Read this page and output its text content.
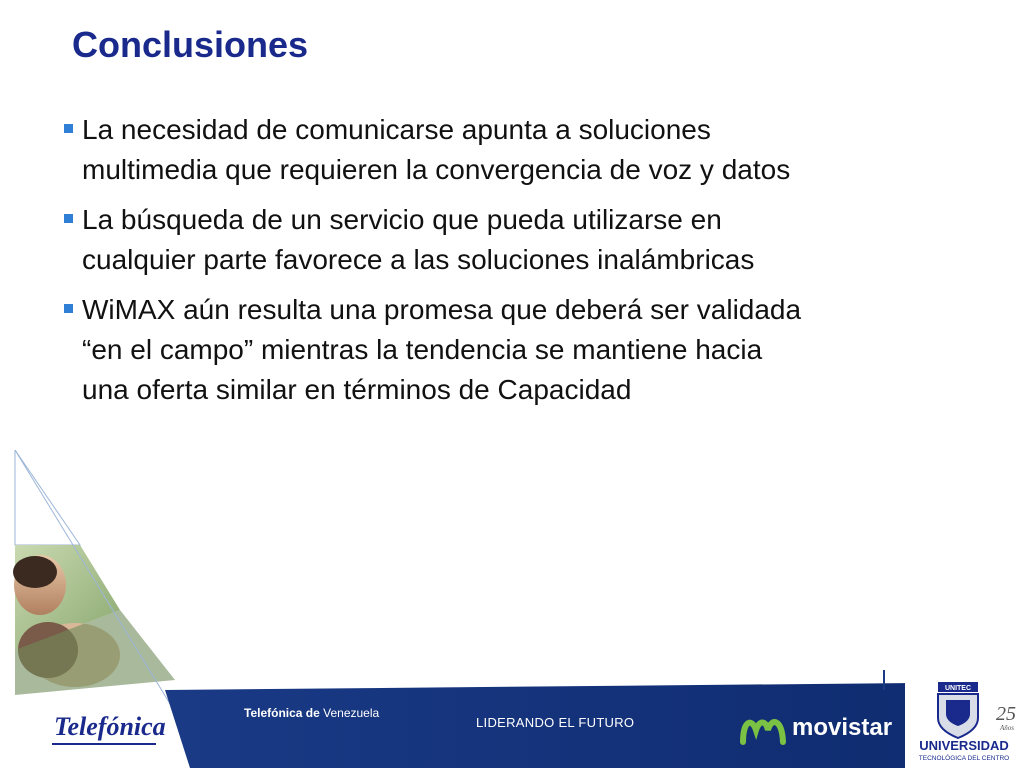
Conclusiones
La necesidad de comunicarse apunta a soluciones
multimedia que requieren la convergencia de voz y datos
La búsqueda de un servicio que pueda utilizarse en
cualquier parte favorece a las soluciones inalámbricas
WiMAX aún resulta una promesa que deberá ser validada
“en el campo” mientras la tendencia se mantiene hacia
una oferta similar en términos de Capacidad
Telefónica	Telefónica de Venezuela
LIDERANDO EL FUTURO	movistar
UNITEC
25
Años
UNIVERSIDAD
TECNOLÓGICA DEL CENTRO
